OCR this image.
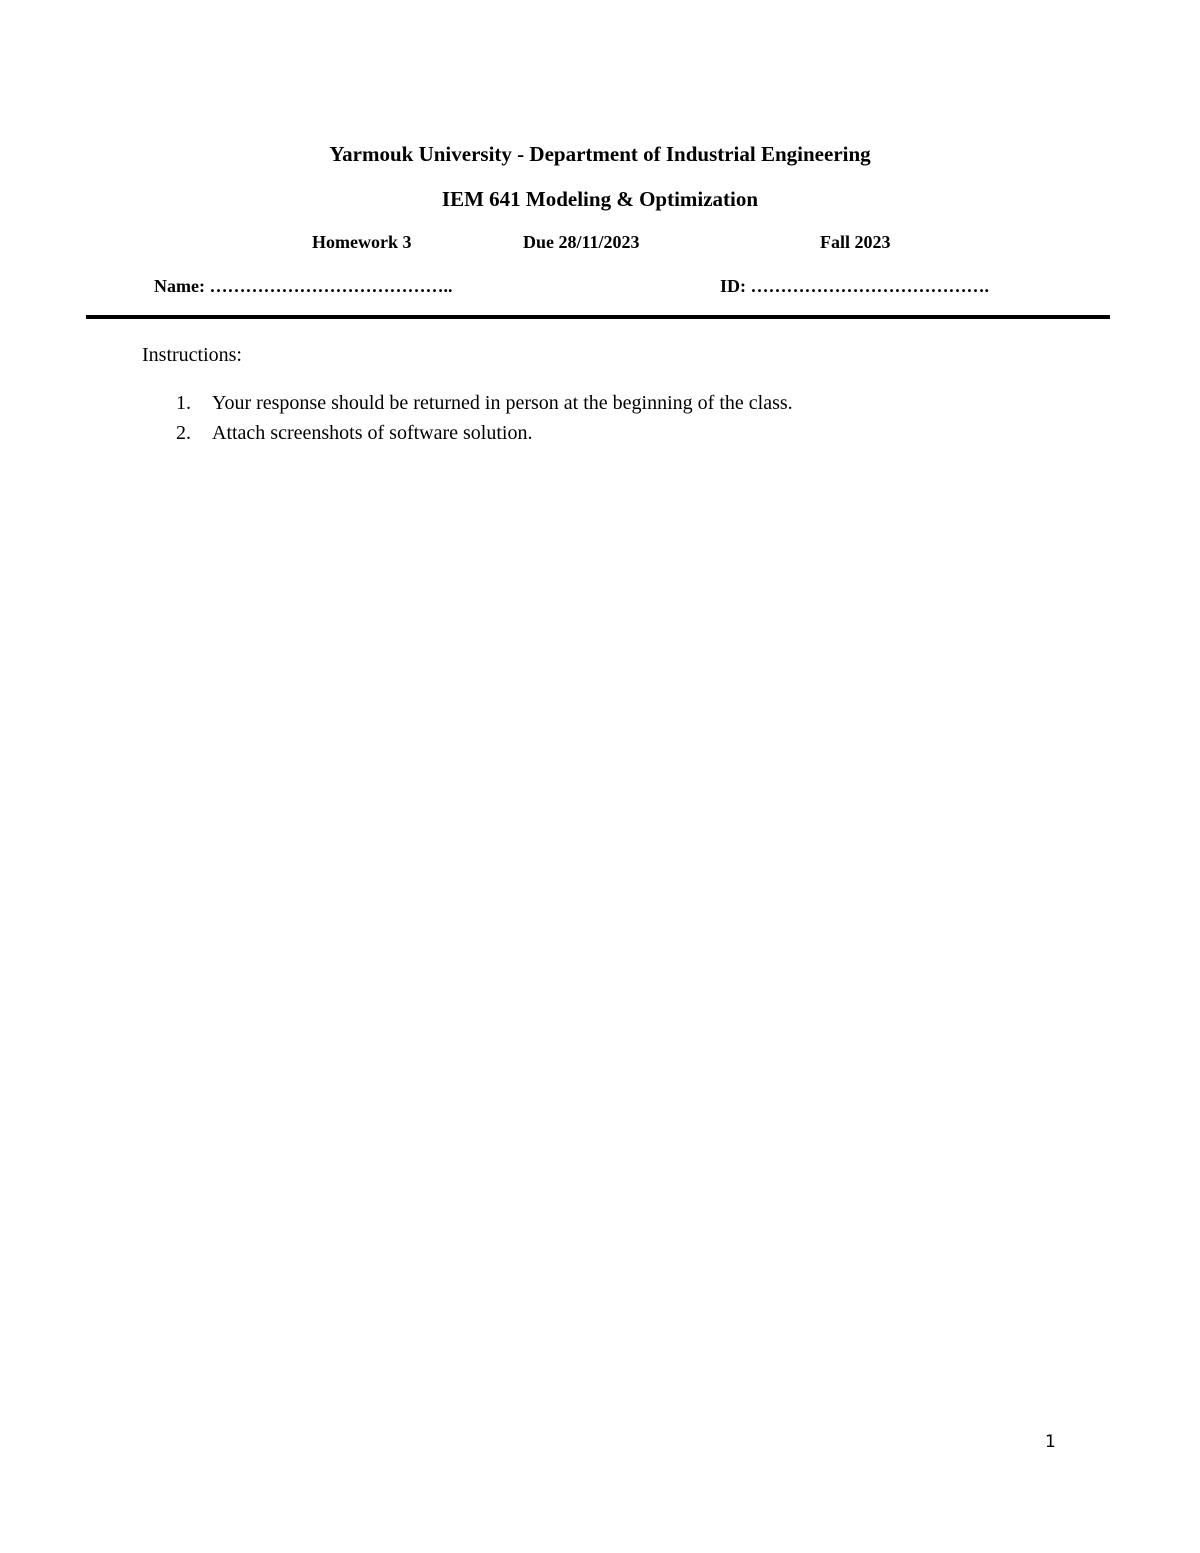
Yarmouk University - Department of Industrial Engineering
IEM 641 Modeling & Optimization
Homework 3	Due 28/11/2023	Fall 2023
Name: …………………………………..	ID: ………………………………….
Instructions:
1. Your response should be returned in person at the beginning of the class.
2. Attach screenshots of software solution.
1
